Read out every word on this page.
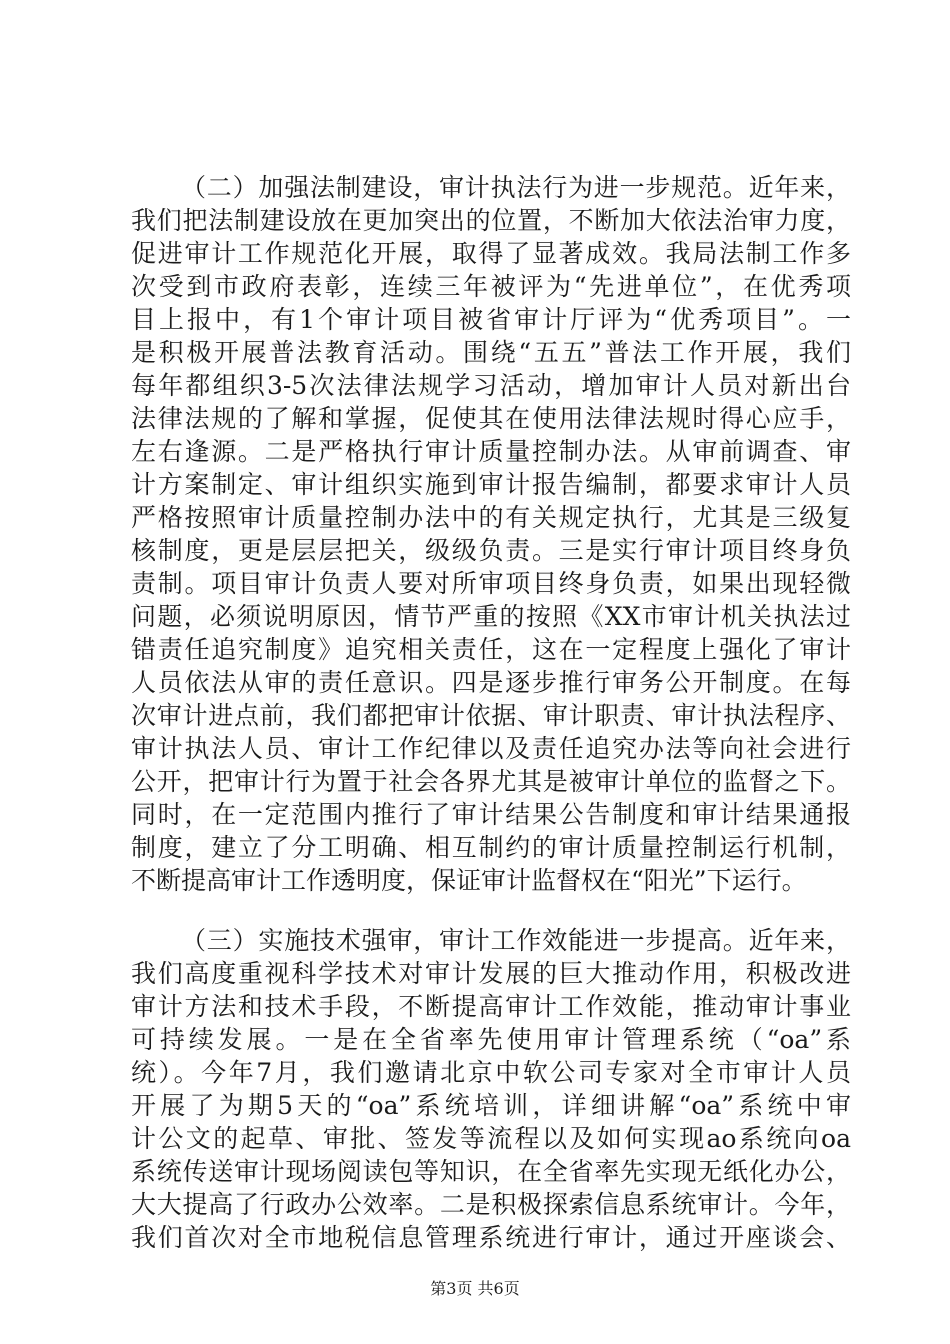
（二）加强法制建设，审计执法行为进一步规范。近年来，
我们把法制建设放在更加突出的位置，不断加大依法治审力度，
促进审计工作规范化开展，取得了显著成效。我局法制工作多
次受到市政府表彰，连续三年被评为“先进单位”，在优秀项
目上报中，有1个审计项目被省审计厅评为“优秀项目”。一
是积极开展普法教育活动。围绕“五五”普法工作开展，我们
每年都组织3-5次法律法规学习活动，增加审计人员对新出台
法律法规的了解和掌握，促使其在使用法律法规时得心应手，
左右逢源。二是严格执行审计质量控制办法。从审前调查、审
计方案制定、审计组织实施到审计报告编制，都要求审计人员
严格按照审计质量控制办法中的有关规定执行，尤其是三级复
核制度，更是层层把关，级级负责。三是实行审计项目终身负
责制。项目审计负责人要对所审项目终身负责，如果出现轻微
问题，必须说明原因，情节严重的按照《XX市审计机关执法过
错责任追究制度》追究相关责任，这在一定程度上强化了审计
人员依法从审的责任意识。四是逐步推行审务公开制度。在每
次审计进点前，我们都把审计依据、审计职责、审计执法程序、
审计执法人员、审计工作纪律以及责任追究办法等向社会进行
公开，把审计行为置于社会各界尤其是被审计单位的监督之下。
同时，在一定范围内推行了审计结果公告制度和审计结果通报
制度，建立了分工明确、相互制约的审计质量控制运行机制，
不断提高审计工作透明度，保证审计监督权在“阳光”下运行。
（三）实施技术强审，审计工作效能进一步提高。近年来，
我们高度重视科学技术对审计发展的巨大推动作用，积极改进
审计方法和技术手段，不断提高审计工作效能，推动审计事业
可持续发展。一是在全省率先使用审计管理系统（“oa”系
统）。今年7月，我们邀请北京中软公司专家对全市审计人员
开展了为期5天的“oa”系统培训，详细讲解“oa”系统中审
计公文的起草、审批、签发等流程以及如何实现ao系统向oa
系统传送审计现场阅读包等知识，在全省率先实现无纸化办公，
大大提高了行政办公效率。二是积极探索信息系统审计。今年，
我们首次对全市地税信息管理系统进行审计，通过开座谈会、
第3页 共6页
